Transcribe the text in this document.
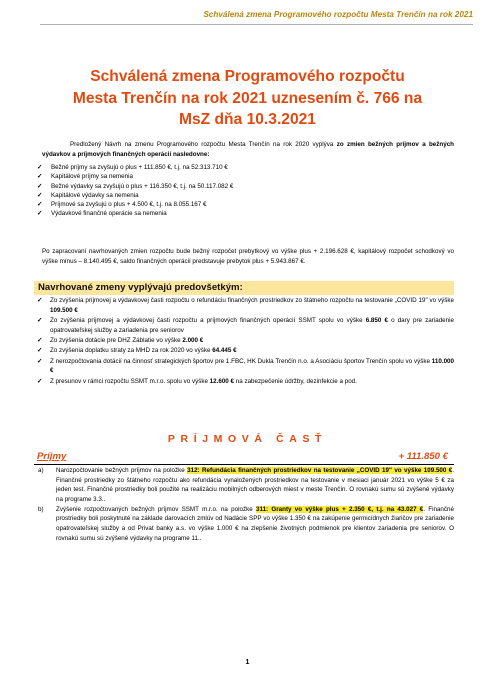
Schválená zmena Programového rozpočtu Mesta Trenčín na rok 2021
Schválená zmena Programového rozpočtu
Mesta Trenčín na rok 2021 uznesením č. 766 na
MsZ dňa 10.3.2021

Predložený Návrh na zmenu Programového rozpočtu Mesta Trenčín na rok 2020 vyplýva zo zmien bežných príjmov a bežných výdavkov a príjmových finančných operácií nasledovne:

✓ Bežné príjmy sa zvyšujú o plus + 111.850 €, t.j. na 52.313.710 €
✓ Kapitálové príjmy sa nemenia
✓ Bežné výdavky sa zvyšujú o plus + 116.350 €, t.j. na 50.117.082 €
✓ Kapitálové výdavky sa nemenia
✓ Príjmové sa zvyšujú o plus + 4.500 €, t.j. na 8.055.167 €
✓ Výdavkové finančné operácie sa nemenia

Po zapracovaní navrhovaných zmien rozpočtu bude bežný rozpočet prebytkový vo výške plus + 2.196.628 €, kapitálový rozpočet schodkový vo výške mínus – 8.140.495 €, saldo finančných operácií predstavuje prebytok plus + 5.943.867 €.

Navrhované zmeny vyplývajú predovšetkým:
✓ Zo zvýšenia príjmovej a výdavkovej časti rozpočtu o refundáciu finančných prostriedkov zo štátneho rozpočtu na testovanie „COVID 19" vo výške 109.500 €
✓ Zo zvýšenia príjmovej a výdavkovej časti rozpočtu a príjmových finančných operácií SSMT spolu vo výške 6.850 € o dary pre zariadenie opatrovateľskej služby a zariadenia pre seniorov
✓ Zo zvýšenia dotácie pre DHZ Záblatie vo výške 2.000 €
✓ Zo zvýšenia doplatku straty za MHD za rok 2020 vo výške 64.445 €
✓ Z nerozpočtovania dotácií na činnosť strategických športov pre 1.FBC, HK Dukla Trenčín n.o. a Asociáciu športov Trenčín spolu vo výške 110.000 €
✓ Z presunov v rámci rozpočtu SSMT m.r.o. spolu vo výške 12.600 € na zabezpečenie údržby, dezinfekcie a pod.
PRÍJMOVÁ ČASŤ
Príjmy	+ 111.850 €
a) Narozpočtovanie bežných príjmov na položke 312: Refundácia finančných prostriedkov na testovanie „COVID 19" vo výške 109.500 €. Finančné prostriedky zo štátneho rozpočtu ako refundácia vynaložených prostriedkov na testovanie v mesiaci január 2021 vo výške 5 € za jeden test. Finančné prostriedky boli použité na realizáciu mobilných odberových miest v meste Trenčín. O rovnakú sumu sú zvýšené výdavky na programe 3.3..
b) Zvýšenie rozpočtovaných bežných príjmov SSMT m.r.o. na položke 311: Granty vo výške plus + 2.350 €, t.j. na 43.027 €. Finančné prostriedky boli poskytnuté na základe darovacích zmlúv od Nadácie SPP vo výške 1.350 € na zakúpenie germicídnych žiaričov pre zariadenie opatrovateľskej služby a od Privat banky a.s. vo výške 1.000 € na zlepšenie životných podmienok pre klientov zariadenia pre seniorov. O rovnakú sumu sú zvýšené výdavky na programe 11..
1
